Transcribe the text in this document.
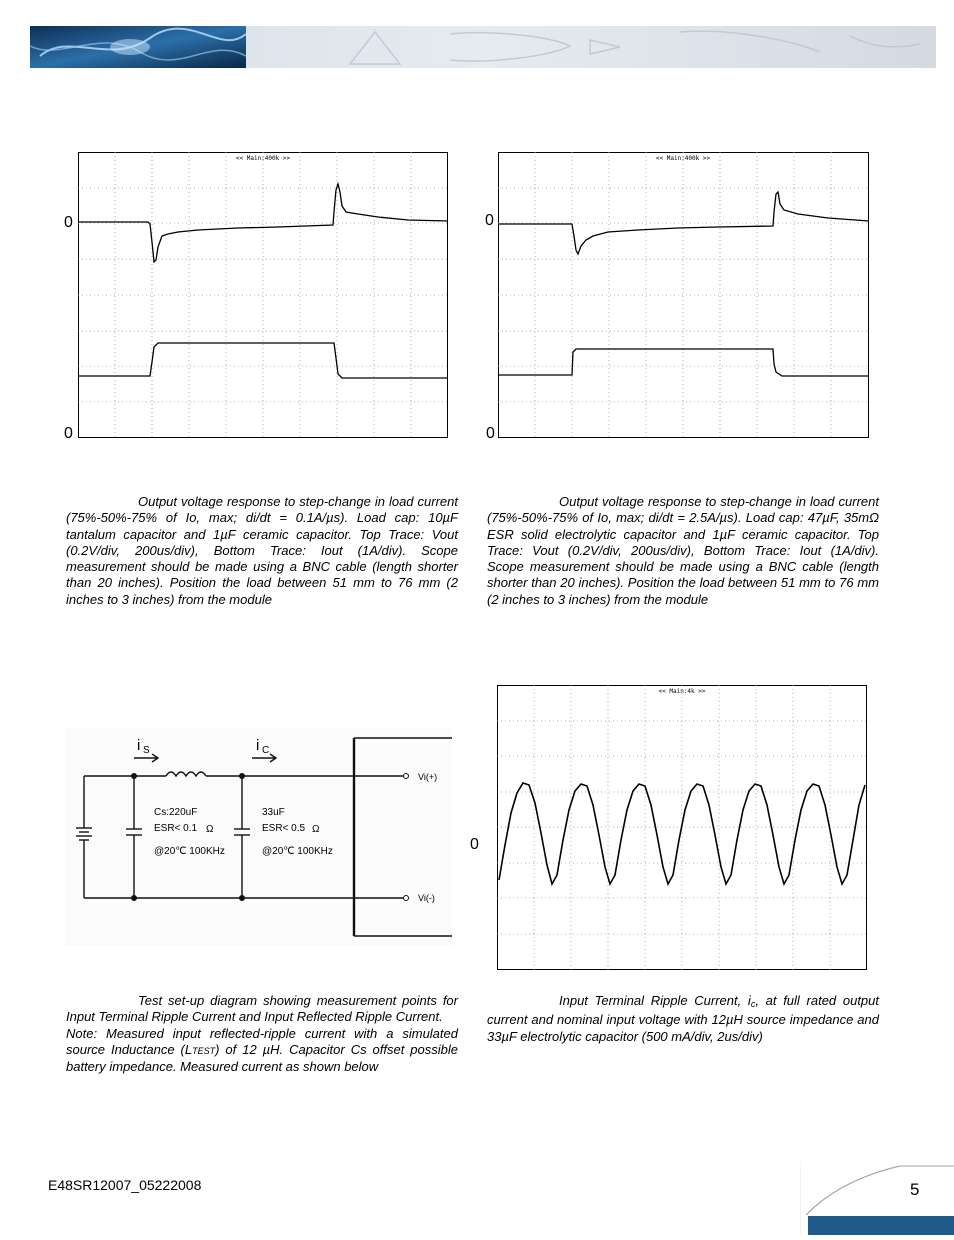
<< Main:400k >>
0
0
<< Main:400k >>
0
0

Output voltage response to step-change in load current (75%-50%-75% of Io, max; di/dt = 0.1A/µs). Load cap: 10µF tantalum capacitor and 1µF ceramic capacitor. Top Trace: Vout (0.2V/div, 200us/div), Bottom Trace: Iout (1A/div). Scope measurement should be made using a BNC cable (length shorter than 20 inches). Position the load between 51 mm to 76 mm (2 inches to 3 inches) from the module

Output voltage response to step-change in load current (75%-50%-75% of Io, max; di/dt = 2.5A/µs). Load cap: 47µF, 35mΩ ESR solid electrolytic capacitor and 1µF ceramic capacitor. Top Trace: Vout (0.2V/div, 200us/div), Bottom Trace: Iout (1A/div). Scope measurement should be made using a BNC cable (length shorter than 20 inches). Position the load between 51 mm to 76 mm (2 inches to 3 inches) from the module

i S	i C
Cs:220uF
ESR< 0.1 Ω
@20℃ 100KHz
33uF
ESR< 0.5 Ω
@20℃ 100KHz
Vi(+)
Vi(-)
<< Main:4k >>
0

Test set-up diagram showing measurement points for Input Terminal Ripple Current and Input Reflected Ripple Current.

Note: Measured input reflected-ripple current with a simulated source Inductance (LTEST) of 12 µH. Capacitor Cs offset possible battery impedance. Measured current as shown below

Input Terminal Ripple Current, ic, at full rated output current and nominal input voltage with 12µH source impedance and 33µF electrolytic capacitor (500 mA/div, 2us/div)

E48SR12007_05222008	5
